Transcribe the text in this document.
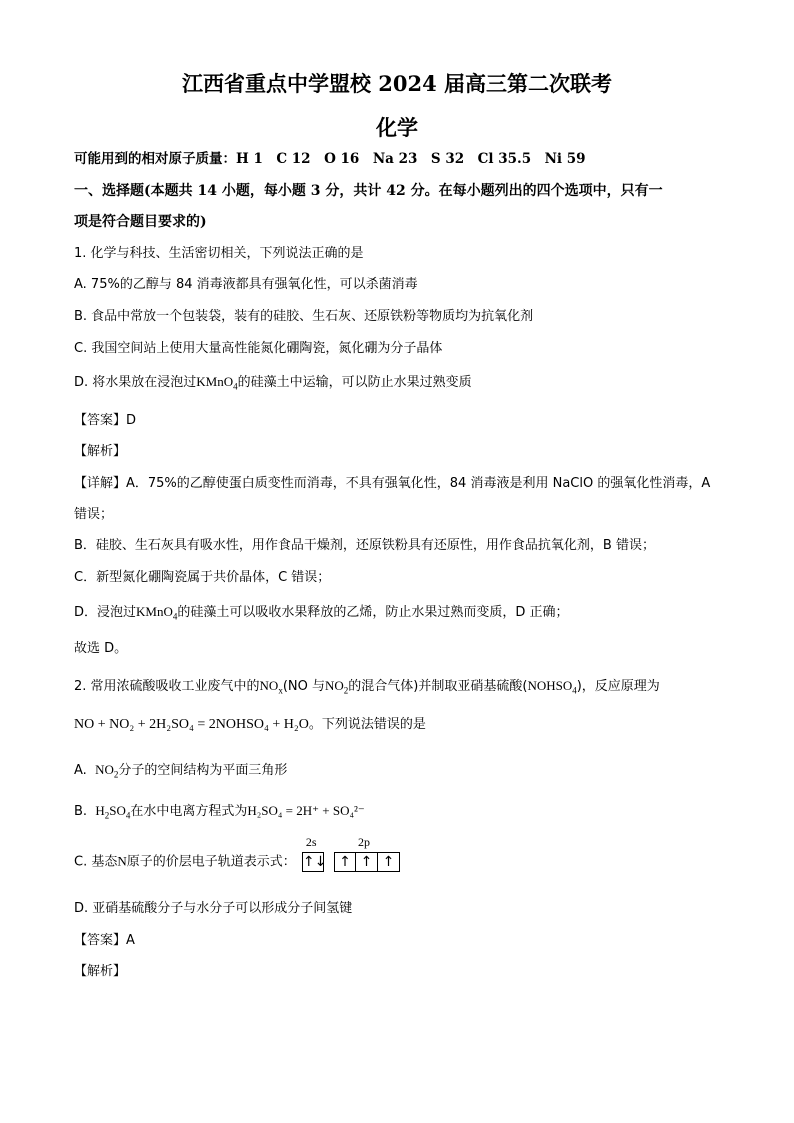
江西省重点中学盟校 2024 届高三第二次联考
化学
可能用到的相对原子质量：H 1　C 12　O 16　Na 23　S 32　Cl 35.5　Ni 59
一、选择题(本题共 14 小题，每小题 3 分，共计 42 分。在每小题列出的四个选项中，只有一
项是符合题目要求的)
1. 化学与科技、生活密切相关，下列说法正确的是
A. 75%的乙醇与 84 消毒液都具有强氧化性，可以杀菌消毒
B. 食品中常放一个包装袋，装有的硅胶、生石灰、还原铁粉等物质均为抗氧化剂
C. 我国空间站上使用大量高性能氮化硼陶瓷，氮化硼为分子晶体
D. 将水果放在浸泡过KMnO$_4$的硅藻土中运输，可以防止水果过熟变质
【答案】D
【解析】
【详解】A．75%的乙醇使蛋白质变性而消毒，不具有强氧化性，84 消毒液是利用 NaClO 的强氧化性消毒，A
错误；
B．硅胶、生石灰具有吸水性，用作食品干燥剂，还原铁粉具有还原性，用作食品抗氧化剂，B 错误；
C．新型氮化硼陶瓷属于共价晶体，C 错误；
D．浸泡过KMnO$_4$的硅藻土可以吸收水果释放的乙烯，防止水果过熟而变质，D 正确；
故选 D。
2. 常用浓硫酸吸收工业废气中的$NO_x(NO$ 与$NO_2$的混合气体)并制取亚硝基硫酸$(NOHSO_4)$，反应原理为
NO + NO₂ + 2H₂SO₄ = 2NOHSO₄ + H₂O。下列说法错误的是
A. $NO_2$分子的空间结构为平面三角形
B. $H_2SO_4$在水中电离方程式为H₂SO₄ = 2H⁺ + SO₄²⁻
C. 基态N原子的价层电子轨道表示式：
2s
↑↓
2p
↑ ↑ ↑
D. 亚硝基硫酸分子与水分子可以形成分子间氢键
【答案】A
【解析】
